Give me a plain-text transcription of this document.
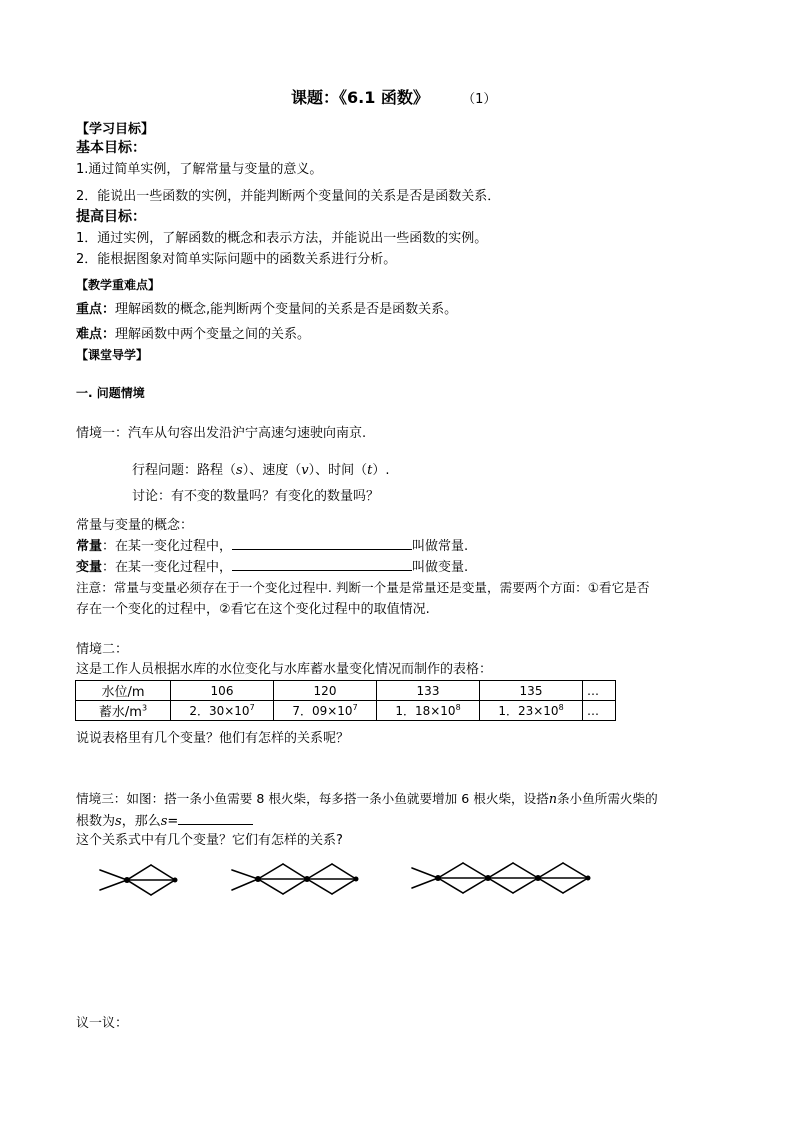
课题：《6.1 函数》	（1）
【学习目标】
基本目标：
1.通过简单实例，了解常量与变量的意义。
2．能说出一些函数的实例，并能判断两个变量间的关系是否是函数关系．
提高目标：
1．通过实例，了解函数的概念和表示方法，并能说出一些函数的实例。
2．能根据图象对简单实际问题中的函数关系进行分析。
【教学重难点】
重点：理解函数的概念,能判断两个变量间的关系是否是函数关系。
难点：理解函数中两个变量之间的关系。
【课堂导学】
一. 问题情境
情境一：汽车从句容出发沿沪宁高速匀速驶向南京.
行程问题：路程（s）、速度（v）、时间（t）.
讨论：有不变的数量吗？有变化的数量吗？
常量与变量的概念：
常量：在某一变化过程中，	叫做常量.
变量：在某一变化过程中，	叫做变量.
注意：常量与变量必须存在于一个变化过程中. 判断一个量是常量还是变量，需要两个方面：①看它是否
存在一个变化的过程中，②看它在这个变化过程中的取值情况.
情境二：
这是工作人员根据水库的水位变化与水库蓄水量变化情况而制作的表格：
水位/m	106	120	133	135	…
蓄水$/m^3$	2．$30\times 10^7$	7．$09\times 10^7$	1．$18\times 10^8$	1．$23\times 10^8$	…
说说表格里有几个变量？他们有怎样的关系呢？
情境三：如图：搭一条小鱼需要 8 根火柴，每多搭一条小鱼就要增加 6 根火柴，设搭n条小鱼所需火柴的
根数为s，那么s=
这个关系式中有几个变量？它们有怎样的关系?
议一议：
